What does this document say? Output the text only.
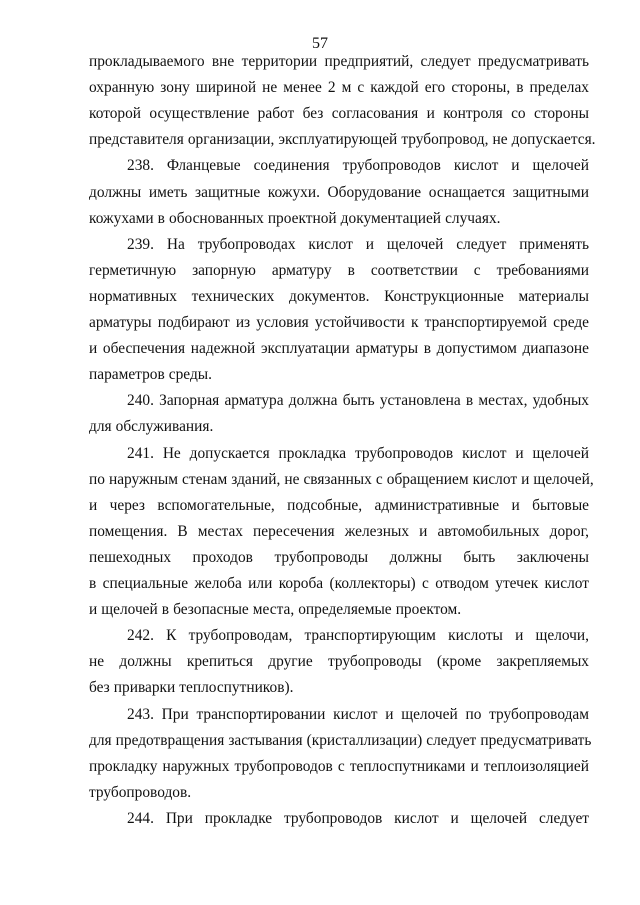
57
прокладываемого вне территории предприятий, следует предусматривать
охранную зону шириной не менее 2 м с каждой его стороны, в пределах
которой осуществление работ без согласования и контроля со стороны
представителя организации, эксплуатирующей трубопровод, не допускается.
238. Фланцевые соединения трубопроводов кислот и щелочей
должны иметь защитные кожухи. Оборудование оснащается защитными
кожухами в обоснованных проектной документацией случаях.
239. На трубопроводах кислот и щелочей следует применять
герметичную запорную арматуру в соответствии с требованиями
нормативных технических документов. Конструкционные материалы
арматуры подбирают из условия устойчивости к транспортируемой среде
и обеспечения надежной эксплуатации арматуры в допустимом диапазоне
параметров среды.
240. Запорная арматура должна быть установлена в местах, удобных
для обслуживания.
241. Не допускается прокладка трубопроводов кислот и щелочей
по наружным стенам зданий, не связанных с обращением кислот и щелочей,
и через вспомогательные, подсобные, административные и бытовые
помещения. В местах пересечения железных и автомобильных дорог,
пешеходных проходов трубопроводы должны быть заключены
в специальные желоба или короба (коллекторы) с отводом утечек кислот
и щелочей в безопасные места, определяемые проектом.
242. К трубопроводам, транспортирующим кислоты и щелочи,
не должны крепиться другие трубопроводы (кроме закрепляемых
без приварки теплоспутников).
243. При транспортировании кислот и щелочей по трубопроводам
для предотвращения застывания (кристаллизации) следует предусматривать
прокладку наружных трубопроводов с теплоспутниками и теплоизоляцией
трубопроводов.
244. При прокладке трубопроводов кислот и щелочей следует
